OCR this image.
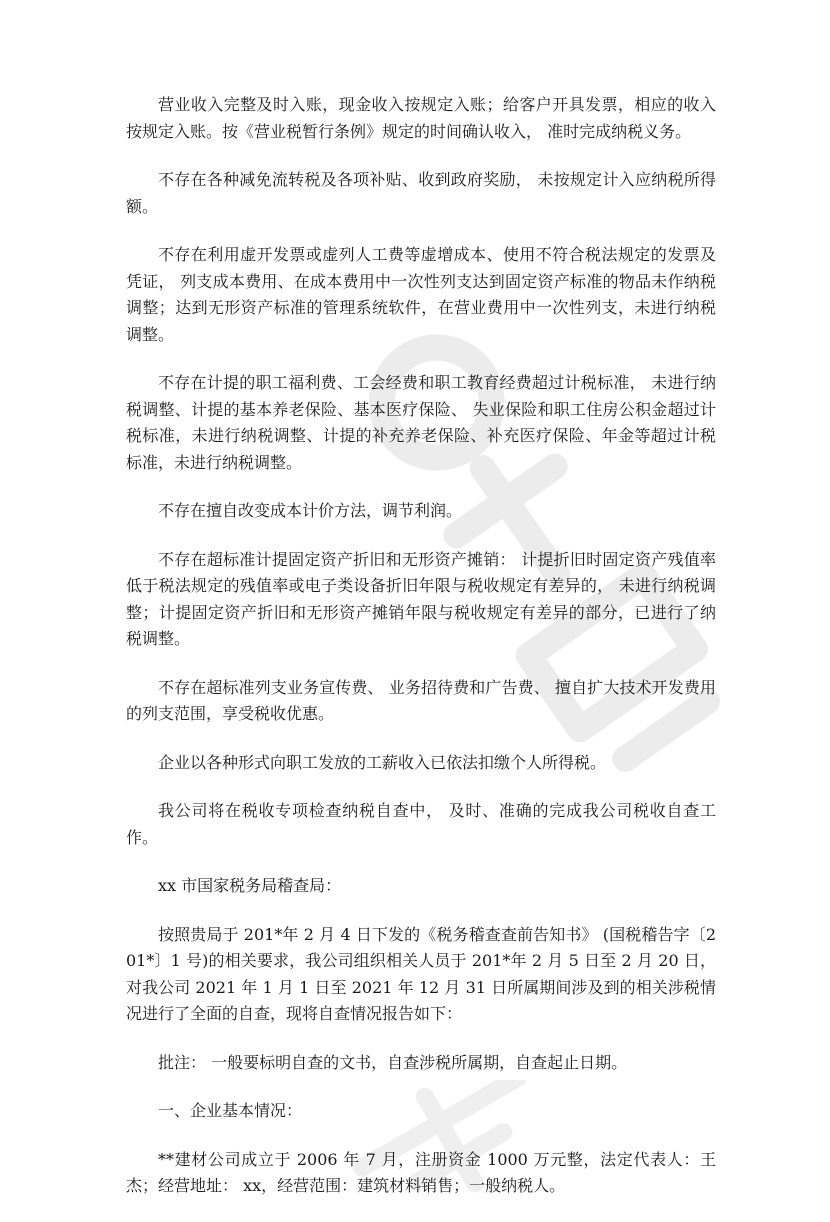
营业收入完整及时入账，现金收入按规定入账；给客户开具发票，相应的收入按规定入账。按《营业税暂行条例》规定的时间确认收入， 准时完成纳税义务。

不存在各种减免流转税及各项补贴、收到政府奖励， 未按规定计入应纳税所得额。

不存在利用虚开发票或虚列人工费等虚增成本、使用不符合税法规定的发票及凭证， 列支成本费用、在成本费用中一次性列支达到固定资产标准的物品未作纳税调整；达到无形资产标准的管理系统软件，在营业费用中一次性列支，未进行纳税调整。

不存在计提的职工福利费、工会经费和职工教育经费超过计税标准， 未进行纳税调整、计提的基本养老保险、基本医疗保险、 失业保险和职工住房公积金超过计税标准，未进行纳税调整、计提的补充养老保险、补充医疗保险、年金等超过计税标准，未进行纳税调整。

不存在擅自改变成本计价方法，调节利润。

不存在超标准计提固定资产折旧和无形资产摊销： 计提折旧时固定资产残值率低于税法规定的残值率或电子类设备折旧年限与税收规定有差异的， 未进行纳税调整；计提固定资产折旧和无形资产摊销年限与税收规定有差异的部分，已进行了纳税调整。

不存在超标准列支业务宣传费、 业务招待费和广告费、 擅自扩大技术开发费用的列支范围，享受税收优惠。

企业以各种形式向职工发放的工薪收入已依法扣缴个人所得税。

我公司将在税收专项检查纳税自查中， 及时、准确的完成我公司税收自查工作。

xx 市国家税务局稽查局：

按照贵局于 201*年 2 月 4 日下发的《税务稽查查前告知书》 (国税稽告字〔201*〕1 号)的相关要求，我公司组织相关人员于 201*年 2 月 5 日至 2 月 20 日，对我公司 2021 年 1 月 1 日至 2021 年 12 月 31 日所属期间涉及到的相关涉税情况进行了全面的自查，现将自查情况报告如下：

批注： 一般要标明自查的文书，自查涉税所属期，自查起止日期。

一、企业基本情况：

**建材公司成立于 2006 年 7 月，注册资金 1000 万元整，法定代表人：王杰；经营地址： xx，经营范围：建筑材料销售；一般纳税人。
